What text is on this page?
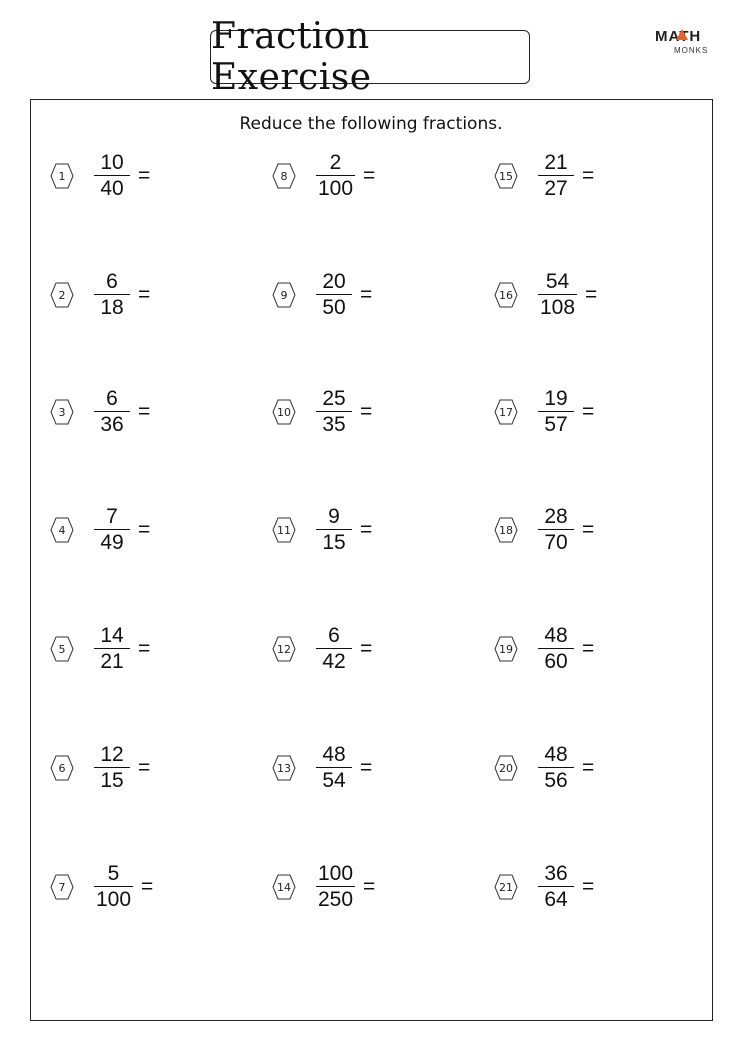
Fraction Exercise
MATH
MONKS
Reduce the following fractions.
1	$\frac{10}{40}$ =
2	$\frac{6}{18}$ =
3	$\frac{6}{36}$ =
4	$\frac{7}{49}$ =
5	$\frac{14}{21}$ =
6	$\frac{12}{15}$ =
7	$\frac{5}{100}$ =
8	$\frac{2}{100}$ =
9	$\frac{20}{50}$ =
$10 \frac{25}{35}$ =
$11 \frac{9}{15}$ =
$12 \frac{6}{42}$ =
$13 \frac{48}{54}$ =
$14 \frac{100}{250}$ =
$15 \frac{21}{27}$ =
$16 \frac{54}{108}$ =
$17 \frac{19}{57}$ =
$18 \frac{28}{70}$ =
$19 \frac{48}{60}$ =
$20 \frac{48}{56}$ =
$21 \frac{36}{64}$ =
